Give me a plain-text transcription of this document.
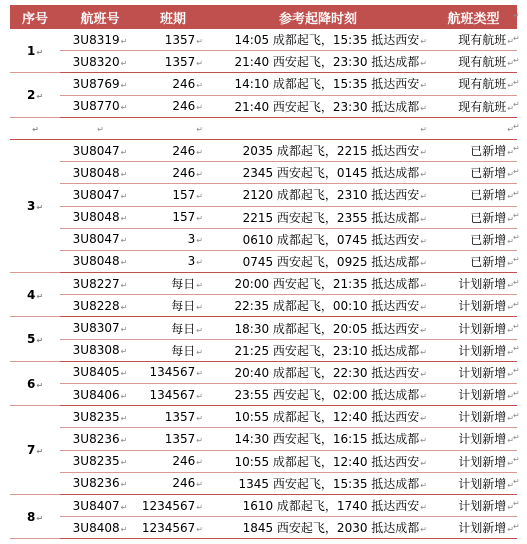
序号	航班号	班期	参考起降时刻	航班类型
1↵	3U8319↵	1357↵	14:05 成都起飞，15:35 抵达西安↵	现有航班↵
	3U8320↵	1357↵	21:40 西安起飞，23:30 抵达成都↵	现有航班↵
2↵	3U8769↵	246↵	14:10 成都起飞，15:35 抵达西安↵	现有航班↵
	3U8770↵	246↵	21:40 西安起飞，23:30 抵达成都↵	现有航班↵
↵	↵	↵	↵	↵
3↵	3U8047↵	246↵	2035 成都起飞，2215 抵达西安↵	已新增↵
	3U8048↵	246↵	2345 西安起飞，0145 抵达成都↵	已新增↵
	3U8047↵	157↵	2120 成都起飞，2310 抵达西安↵	已新增↵
	3U8048↵	157↵	2215 西安起飞，2355 抵达成都↵	已新增↵
	3U8047↵	3↵	0610 成都起飞，0745 抵达西安↵	已新增↵
	3U8048↵	3↵	0745 西安起飞，0925 抵达成都↵	已新增↵
4↵	3U8227↵	每日↵	20:00 西安起飞，21:35 抵达成都↵	计划新增↵
	3U8228↵	每日↵	22:35 成都起飞，00:10 抵达西安↵	计划新增↵
5↵	3U8307↵	每日↵	18:30 成都起飞，20:05 抵达西安↵	计划新增↵
	3U8308↵	每日↵	21:25 西安起飞，23:10 抵达成都↵	计划新增↵
6↵	3U8405↵	134567↵	20:40 成都起飞，22:30 抵达西安↵	计划新增↵
	3U8406↵	134567↵	23:55 西安起飞，02:00 抵达成都↵	计划新增↵
7↵	3U8235↵	1357↵	10:55 成都起飞，12:40 抵达西安↵	计划新增↵
	3U8236↵	1357↵	14:30 西安起飞，16:15 抵达成都↵	计划新增↵
	3U8235↵	246↵	10:55 成都起飞，12:40 抵达西安↵	计划新增↵
	3U8236↵	246↵	1345 西安起飞，15:35 抵达成都↵	计划新增↵
8↵	3U8407↵	1234567↵	1610 成都起飞，1740 抵达西安↵	计划新增↵
	3U8408↵	1234567↵	1845 西安起飞，2030 抵达成都↵	计划新增↵
↵
↵
↵
↵
↵
↵
↵
↵
↵
↵
↵
↵
↵
↵
↵
↵
↵
↵
↵
↵
↵
↵
↵
↵
